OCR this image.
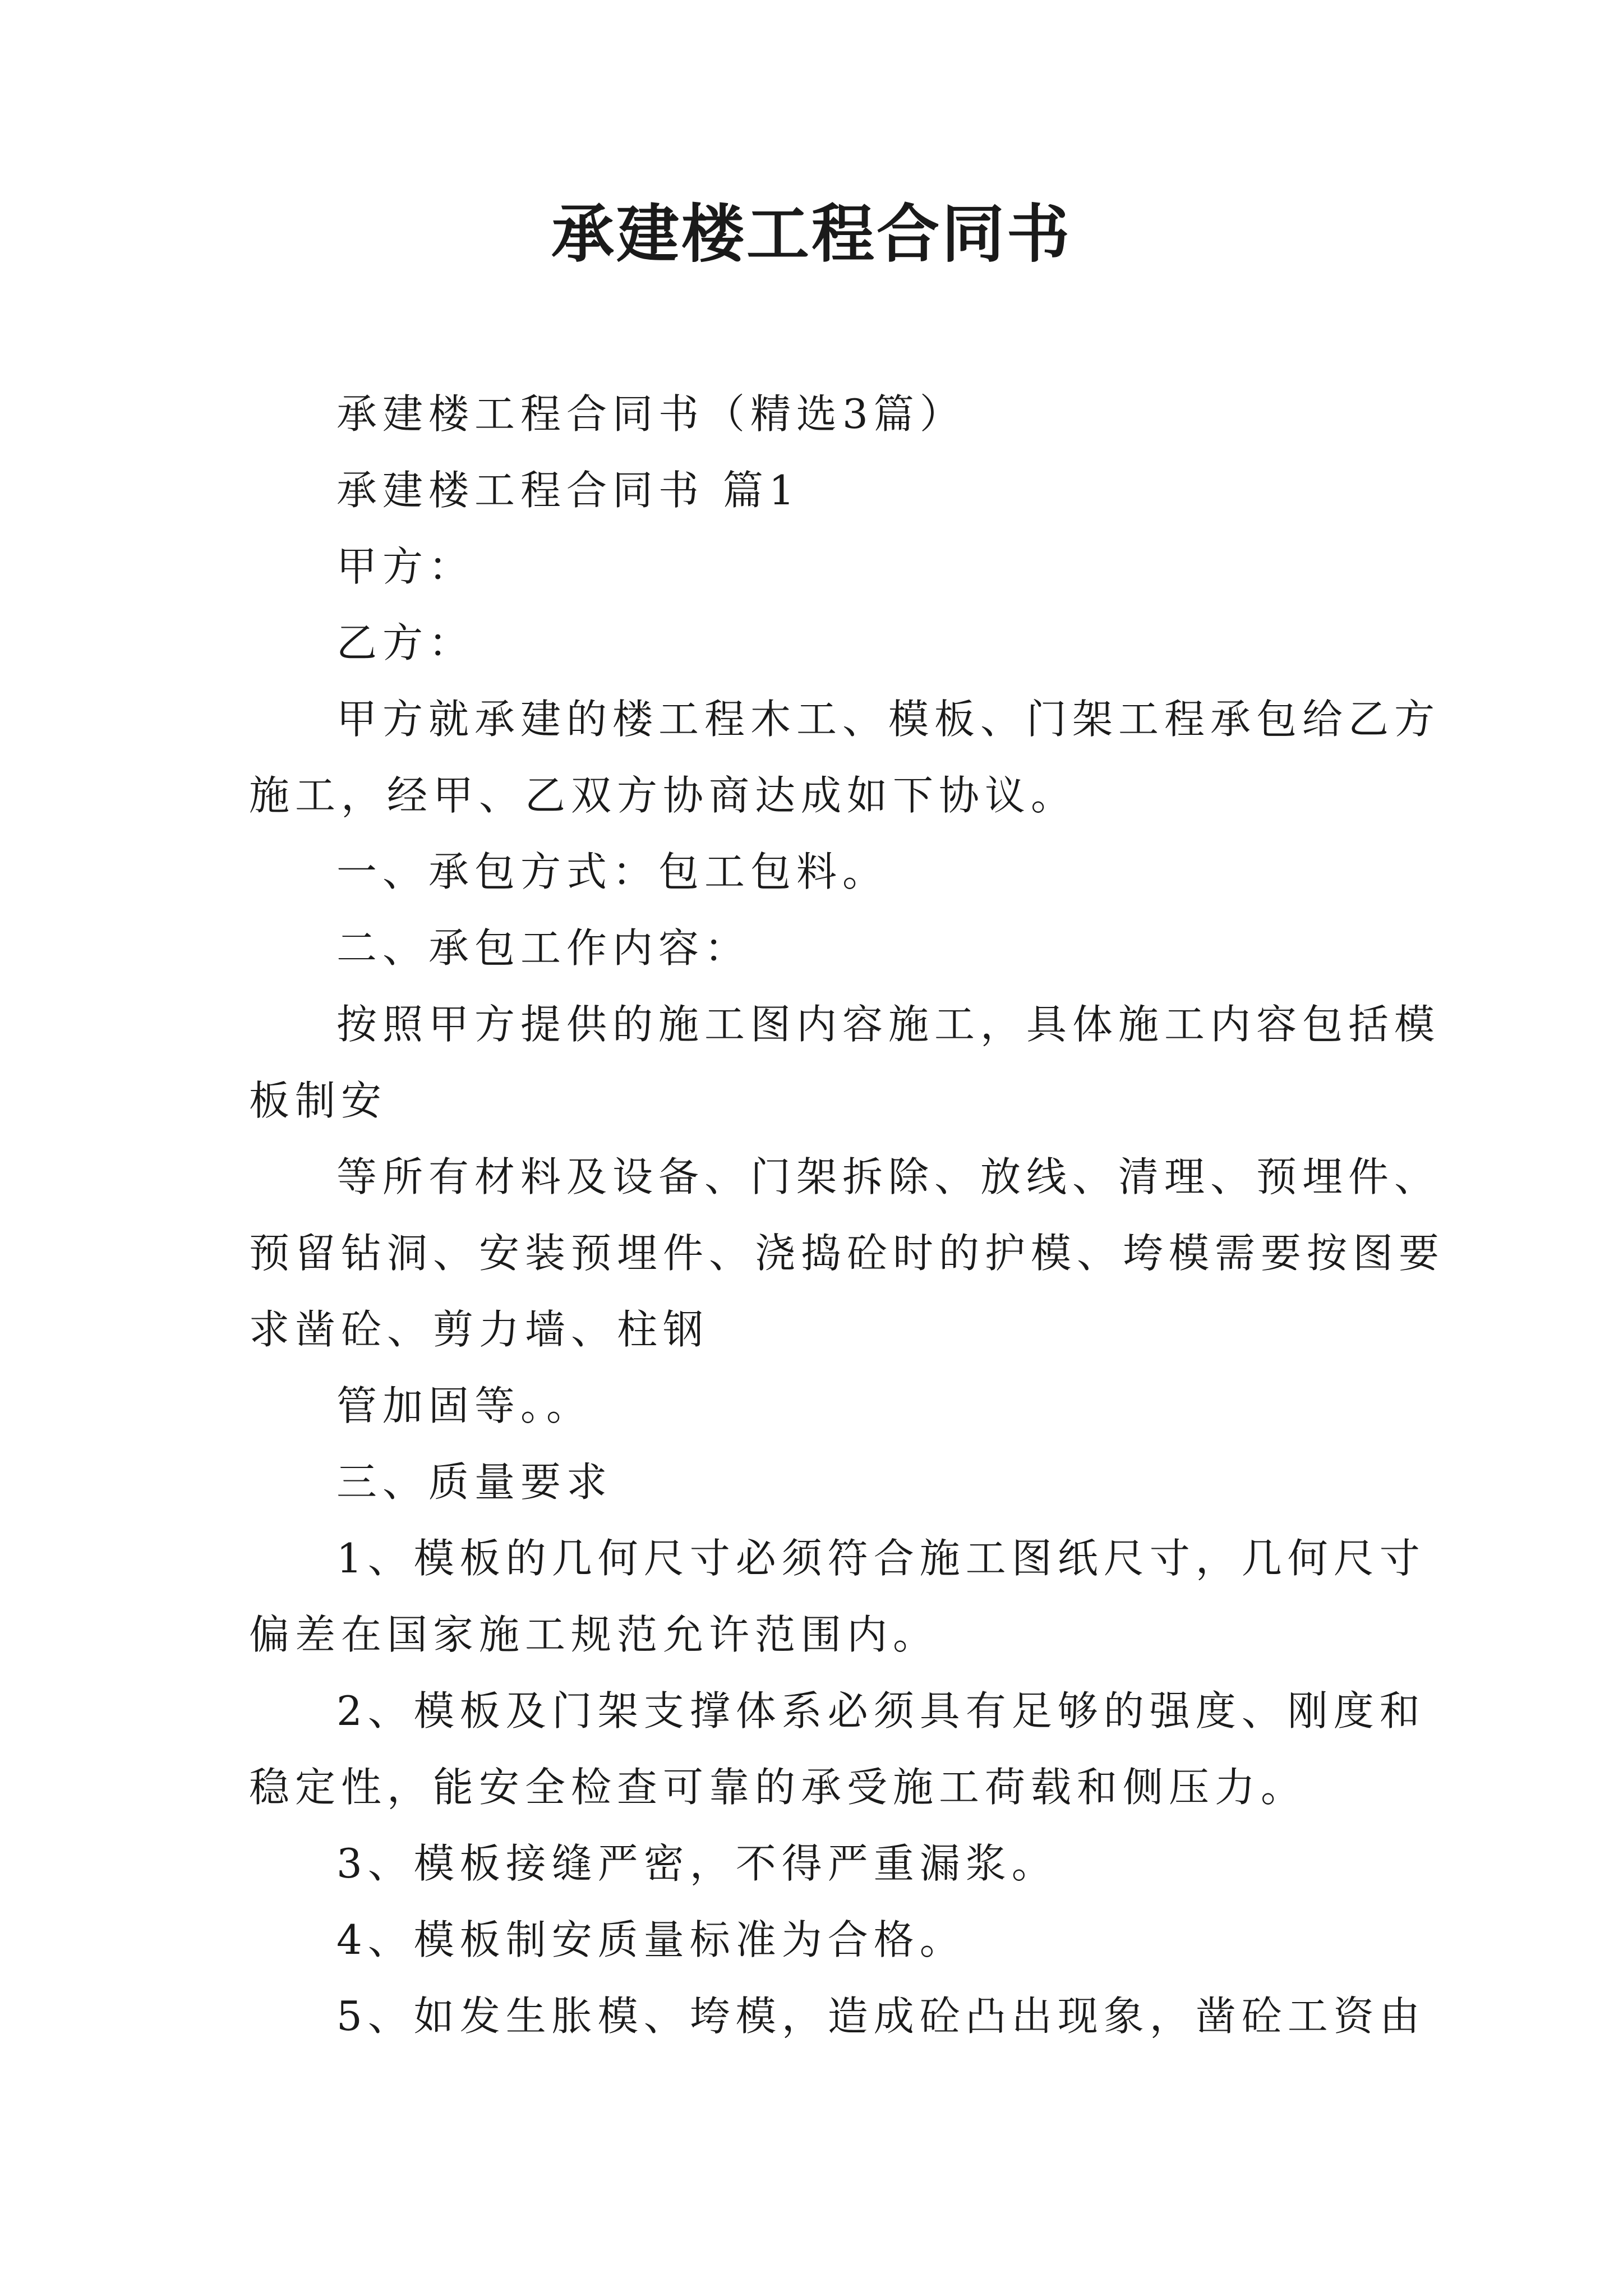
承建楼工程合同书

承建楼工程合同书（精选3篇）

承建楼工程合同书 篇1

甲方：

乙方：

甲方就承建的楼工程木工、模板、门架工程承包给乙方

施工，经甲、乙双方协商达成如下协议。

一、承包方式：包工包料。

二、承包工作内容：

按照甲方提供的施工图内容施工，具体施工内容包括模

板制安

等所有材料及设备、门架拆除、放线、清理、预埋件、

预留钻洞、安装预埋件、浇捣砼时的护模、垮模需要按图要

求凿砼、剪力墙、柱钢

管加固等。。

三、质量要求

1、模板的几何尺寸必须符合施工图纸尺寸，几何尺寸

偏差在国家施工规范允许范围内。

2、模板及门架支撑体系必须具有足够的强度、刚度和

稳定性，能安全检查可靠的承受施工荷载和侧压力。

3、模板接缝严密，不得严重漏浆。

4、模板制安质量标准为合格。

5、如发生胀模、垮模，造成砼凸出现象，凿砼工资由
